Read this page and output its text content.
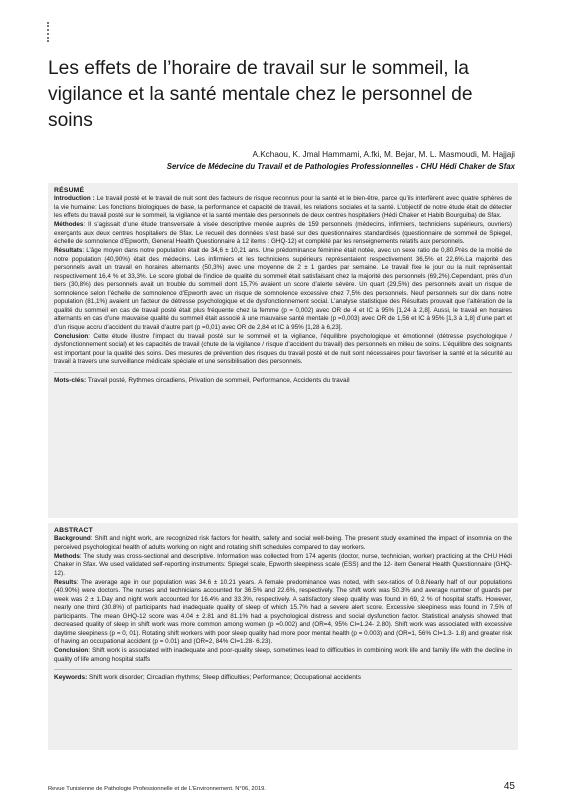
Les effets de l’horaire de travail sur le sommeil, la vigilance et la santé mentale chez le personnel de soins

A.Kchaou, K. Jmal Hammami, A.fki, M. Bejar, M. L. Masmoudi, M. Hajjaji

Service de Médecine du Travail et de Pathologies Professionnelles - CHU Hédi Chaker de Sfax

RÉSUMÉ

Introduction : Le travail posté et le travail de nuit sont des facteurs de risque reconnus pour la santé et le bien-être, parce qu’ils interfèrent avec quatre sphères de la vie humaine: Les fonctions biologiques de base, la performance et capacité de travail, les relations sociales et la santé. L’objectif de notre étude était de détecter les effets du travail posté sur le sommeil, la vigilance et la santé mentale des personnels de deux centres hospitaliers (Hédi Chaker et Habib Bourguiba) de Sfax.

Méthodes: Il s’agissait d’une étude transversale à visée descriptive menée auprès de 159 personnels (médecins, infirmiers, techniciens supérieurs, ouvriers) exerçants aux deux centres hospitaliers de Sfax. Le recueil des données s’est basé sur des questionnaires standardisés (questionnaire de sommeil de Spiegel, échelle de somnolence d’Epworth, General Health Questionnaire à 12 items : GHQ-12) et complété par les renseignements relatifs aux personnels.

Résultats: L’âge moyen dans notre population était de 34,6 ± 10,21 ans. Une prédominance féminine était notée, avec un sexe ratio de 0,80.Près de la moitié de notre population (40,90%) était des médecins. Les infirmiers et les techniciens supérieurs représentaient respectivement 36,5% et 22,6%.La majorité des personnels avait un travail en horaires alternants (50,3%) avec une moyenne de 2 ± 1 gardes par semaine. Le travail fixe le jour ou la nuit représentait respectivement 16,4 % et 33,3%. Le score global de l’indice de qualité du sommeil était satisfaisant chez la majorité des personnels (69,2%).Cependant, près d’un tiers (30,8%) des personnels avait un trouble du sommeil dont 15,7% avaient un score d’alerte sévère. Un quart (29,5%) des personnels avait un risque de somnolence selon l’échelle de somnolence d’Epworth avec un risque de somnolence excessive chez 7,5% des personnels. Neuf personnels sur dix dans notre population (81,1%) avaient un facteur de détresse psychologique et de dysfonctionnement social. L’analyse statistique des Résultats prouvait que l’altération de la qualité du sommeil en cas de travail posté était plus fréquente chez la femme (p = 0,002) avec OR de 4 et IC à 95% [1,24 à 2,8]. Aussi, le travail en horaires alternants en cas d’une mauvaise qualité du sommeil était associé à une mauvaise santé mentale (p =0,003) avec OR de 1,56 et IC à 95% [1,3 à 1,8] d’une part et d’un risque accru d’accident du travail d’autre part (p =0,01) avec OR de 2,84 et IC à 95% [1,28 à 6,23].

Conclusion: Cette étude illustre l’impact du travail posté sur le sommeil et la vigilance, l’équilibre psychologique et émotionnel (détresse psychologique / dysfonctionnement social) et les capacités de travail (chute de la vigilance / risque d’accident du travail) des personnels en milieu de soins. L’équilibre des soignants est important pour la qualité des soins. Des mesures de prévention des risques du travail posté et de nuit sont nécessaires pour favoriser la santé et la sécurité au travail à travers une surveillance médicale spéciale et une sensibilisation des personnels.

Mots-clés: Travail posté, Rythmes circadiens, Privation de sommeil, Performance, Accidents du travail

ABSTRACT

Background: Shift and night work, are recognized risk factors for health, safety and social well-being. The present study examined the impact of insomnia on the perceived psychological health of adults working on night and rotating shift schedules compared to day workers.

Methods: The study was cross-sectional and descriptive. Information was collected from 174 agents (doctor, nurse, technician, worker) practicing at the CHU Hédi Chaker in Sfax. We used validated self-reporting instruments: Spiegel scale, Epworth sleepiness scale (ESS) and the 12- item General Health Questionnaire (GHQ-12).

Results: The average age in our population was 34.6 ± 10.21 years. A female predominance was noted, with sex-ratios of 0.8.Nearly half of our populations (40.90%) were doctors. The nurses and technicians accounted for 36.5% and 22.6%, respectively. The shift work was 50.3% and average number of guards per week was 2 ± 1.Day and night work accounted for 16.4% and 33.3%, respectively. A satisfactory sleep quality was found in 69, 2 % of hospital staffs. However, nearly one third (30.8%) of participants had inadequate quality of sleep of which 15.7% had a severe alert score. Excessive sleepiness was found in 7.5% of participants. The mean GHQ-12 score was 4.04 ± 2.81 and 81.1% had a psychological distress and social dysfunction factor. Statistical analysis showed that decreased quality of sleep in shift work was more common among women (p =0.002) and (OR=4, 95% CI=1.24- 2.80). Shift work was associated with excessive daytime sleepiness (p = 0, 01). Rotating shift workers with poor sleep quality had more poor mental health (p = 0.003) and (OR=1, 56% CI=1.3- 1.8) and greater risk of having an occupational accident (p = 0.01) and (OR=2, 84% CI=1.28- 6.23).

Conclusion: Shift work is associated with inadequate and poor-quality sleep, sometimes lead to difficulties in combining work life and family life with the decline in quality of life among hospital staffs

Keywords: Shift work disorder; Circadian rhythms; Sleep difficulties; Performance; Occupational accidents

Revue Tunisienne de Pathologie Professionnelle et de L’Environnement. N°06, 2019.	45
